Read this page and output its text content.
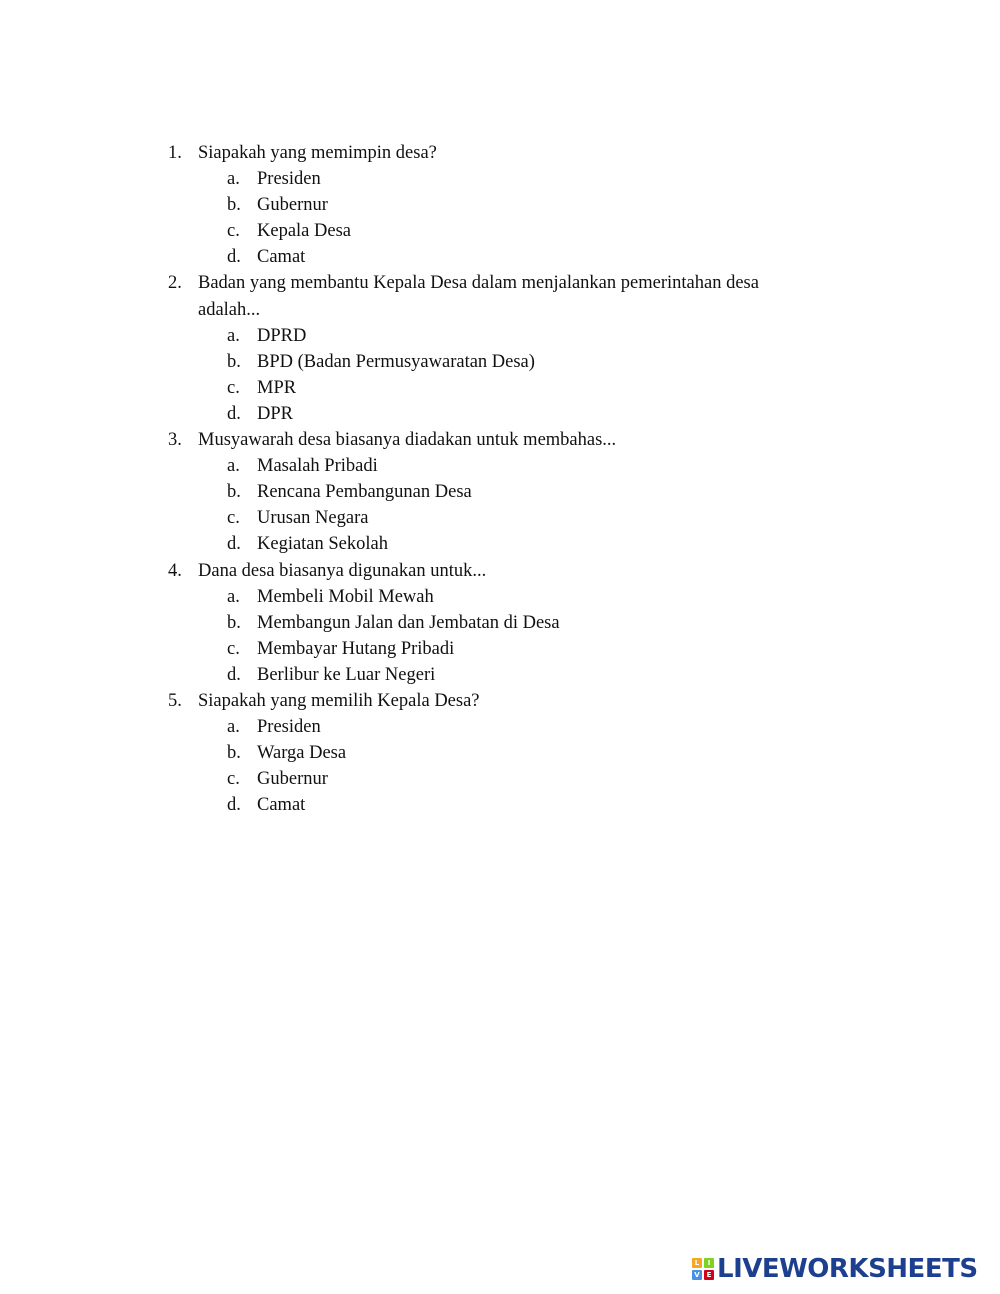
1. Siapakah yang memimpin desa?
a. Presiden
b. Gubernur
c. Kepala Desa
d. Camat
2. Badan yang membantu Kepala Desa dalam menjalankan pemerintahan desa adalah...
a. DPRD
b. BPD (Badan Permusyawaratan Desa)
c. MPR
d. DPR
3. Musyawarah desa biasanya diadakan untuk membahas...
a. Masalah Pribadi
b. Rencana Pembangunan Desa
c. Urusan Negara
d. Kegiatan Sekolah
4. Dana desa biasanya digunakan untuk...
a. Membeli Mobil Mewah
b. Membangun Jalan dan Jembatan di Desa
c. Membayar Hutang Pribadi
d. Berlibur ke Luar Negeri
5. Siapakah yang memilih Kepala Desa?
a. Presiden
b. Warga Desa
c. Gubernur
d. Camat
L	I
V E LIVEWORKSHEETS
